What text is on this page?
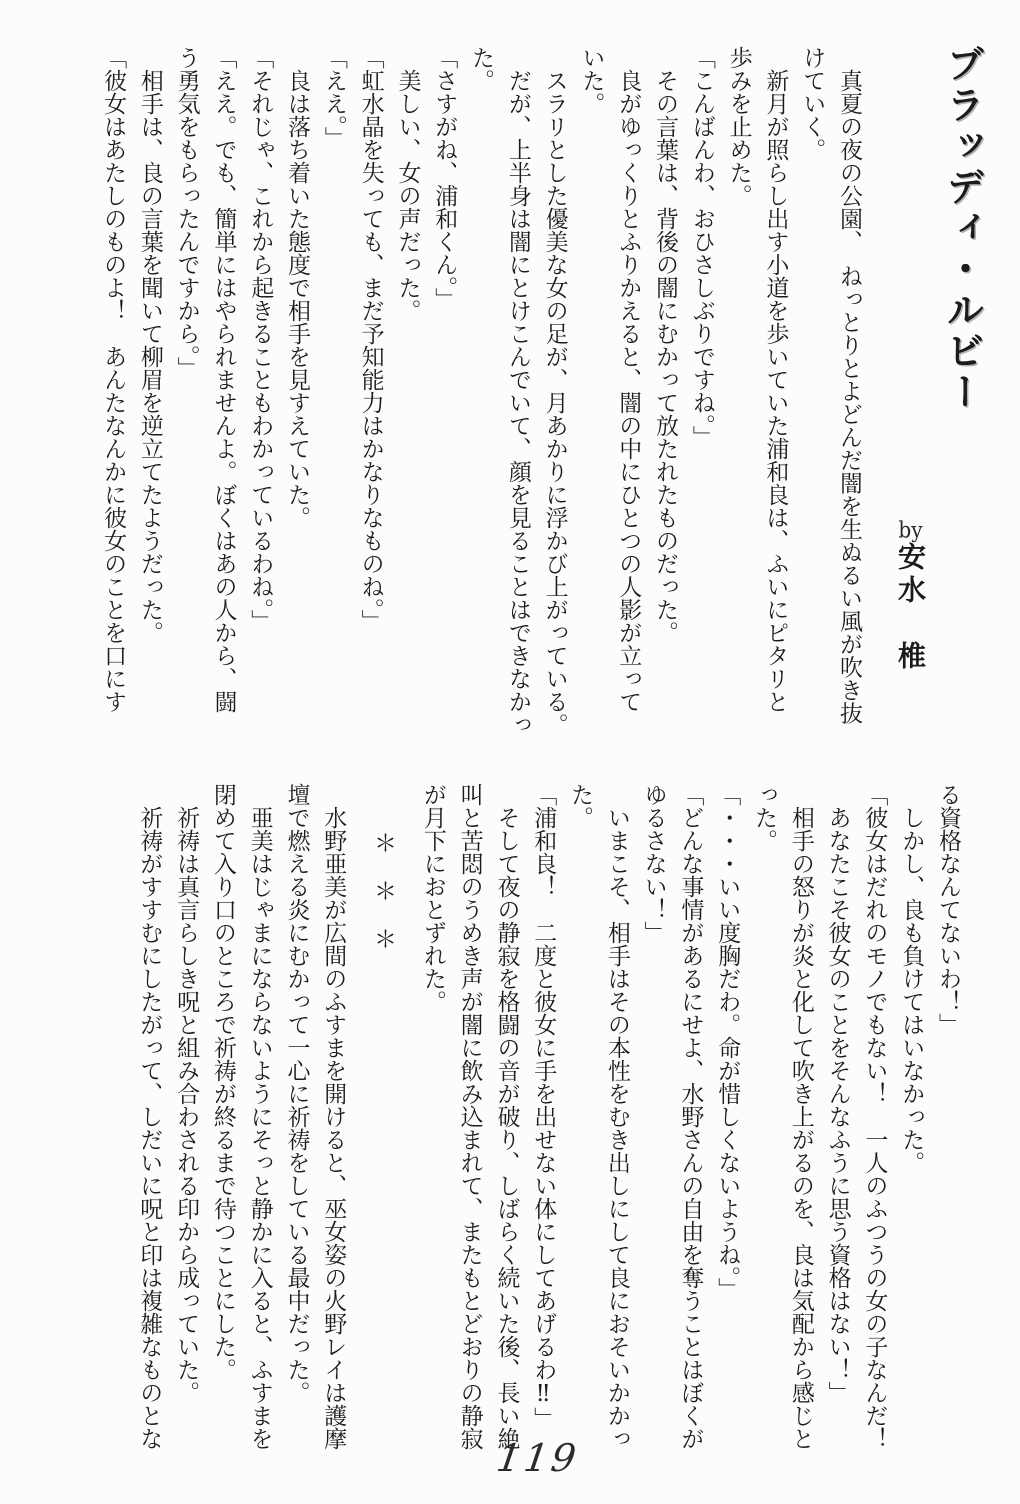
ブラッディ・ルビー
by安水　椎

真夏の夜の公園、　ねっとりとよどんだ闇を生ぬるい風が吹き抜

けていく。

新月が照らし出す小道を歩いていた浦和良は、ふいにピタリと

歩みを止めた。

「こんばんわ、おひさしぶりですね。」

その言葉は、背後の闇にむかって放たれたものだった。

良がゆっくりとふりかえると、闇の中にひとつの人影が立って

いた。

スラリとした優美な女の足が、月あかりに浮かび上がっている。

だが、上半身は闇にとけこんでいて、顔を見ることはできなかっ

た。

「さすがね、浦和くん。」

美しい、女の声だった。

「虹水晶を失っても、まだ予知能力はかなりなものね。」

「ええ。」

良は落ち着いた態度で相手を見すえていた。

「それじゃ、これから起きることもわかっているわね。」

「ええ。でも、簡単にはやられませんよ。ぼくはあの人から、闘

う勇気をもらったんですから。」

相手は、良の言葉を聞いて柳眉を逆立てたようだった。

「彼女はあたしのものよ！　あんたなんかに彼女のことを口にす

る資格なんてないわ！」

しかし、良も負けてはいなかった。

「彼女はだれのモノでもない！　一人のふつうの女の子なんだ！

あなたこそ彼女のことをそんなふうに思う資格はない！」

相手の怒りが炎と化して吹き上がるのを、良は気配から感じと

った。

「・・・いい度胸だわ。命が惜しくないようね。」

「どんな事情があるにせよ、水野さんの自由を奪うことはぼくが

ゆるさない！」

いまこそ、相手はその本性をむき出しにして良におそいかかっ

た。

「浦和良！　二度と彼女に手を出せない体にしてあげるわ‼」

そして夜の静寂を格闘の音が破り、しばらく続いた後、長い絶

叫と苦悶のうめき声が闇に飲み込まれて、またもとどおりの静寂

が月下におとずれた。

　　＊　＊　＊

水野亜美が広間のふすまを開けると、巫女姿の火野レイは護摩

壇で燃える炎にむかって一心に祈祷をしている最中だった。

亜美はじゃまにならないようにそっと静かに入ると、ふすまを

閉めて入り口のところで祈祷が終るまで待つことにした。

祈祷は真言らしき呪と組み合わされる印から成っていた。

祈祷がすすむにしたがって、しだいに呪と印は複雑なものとな

119
